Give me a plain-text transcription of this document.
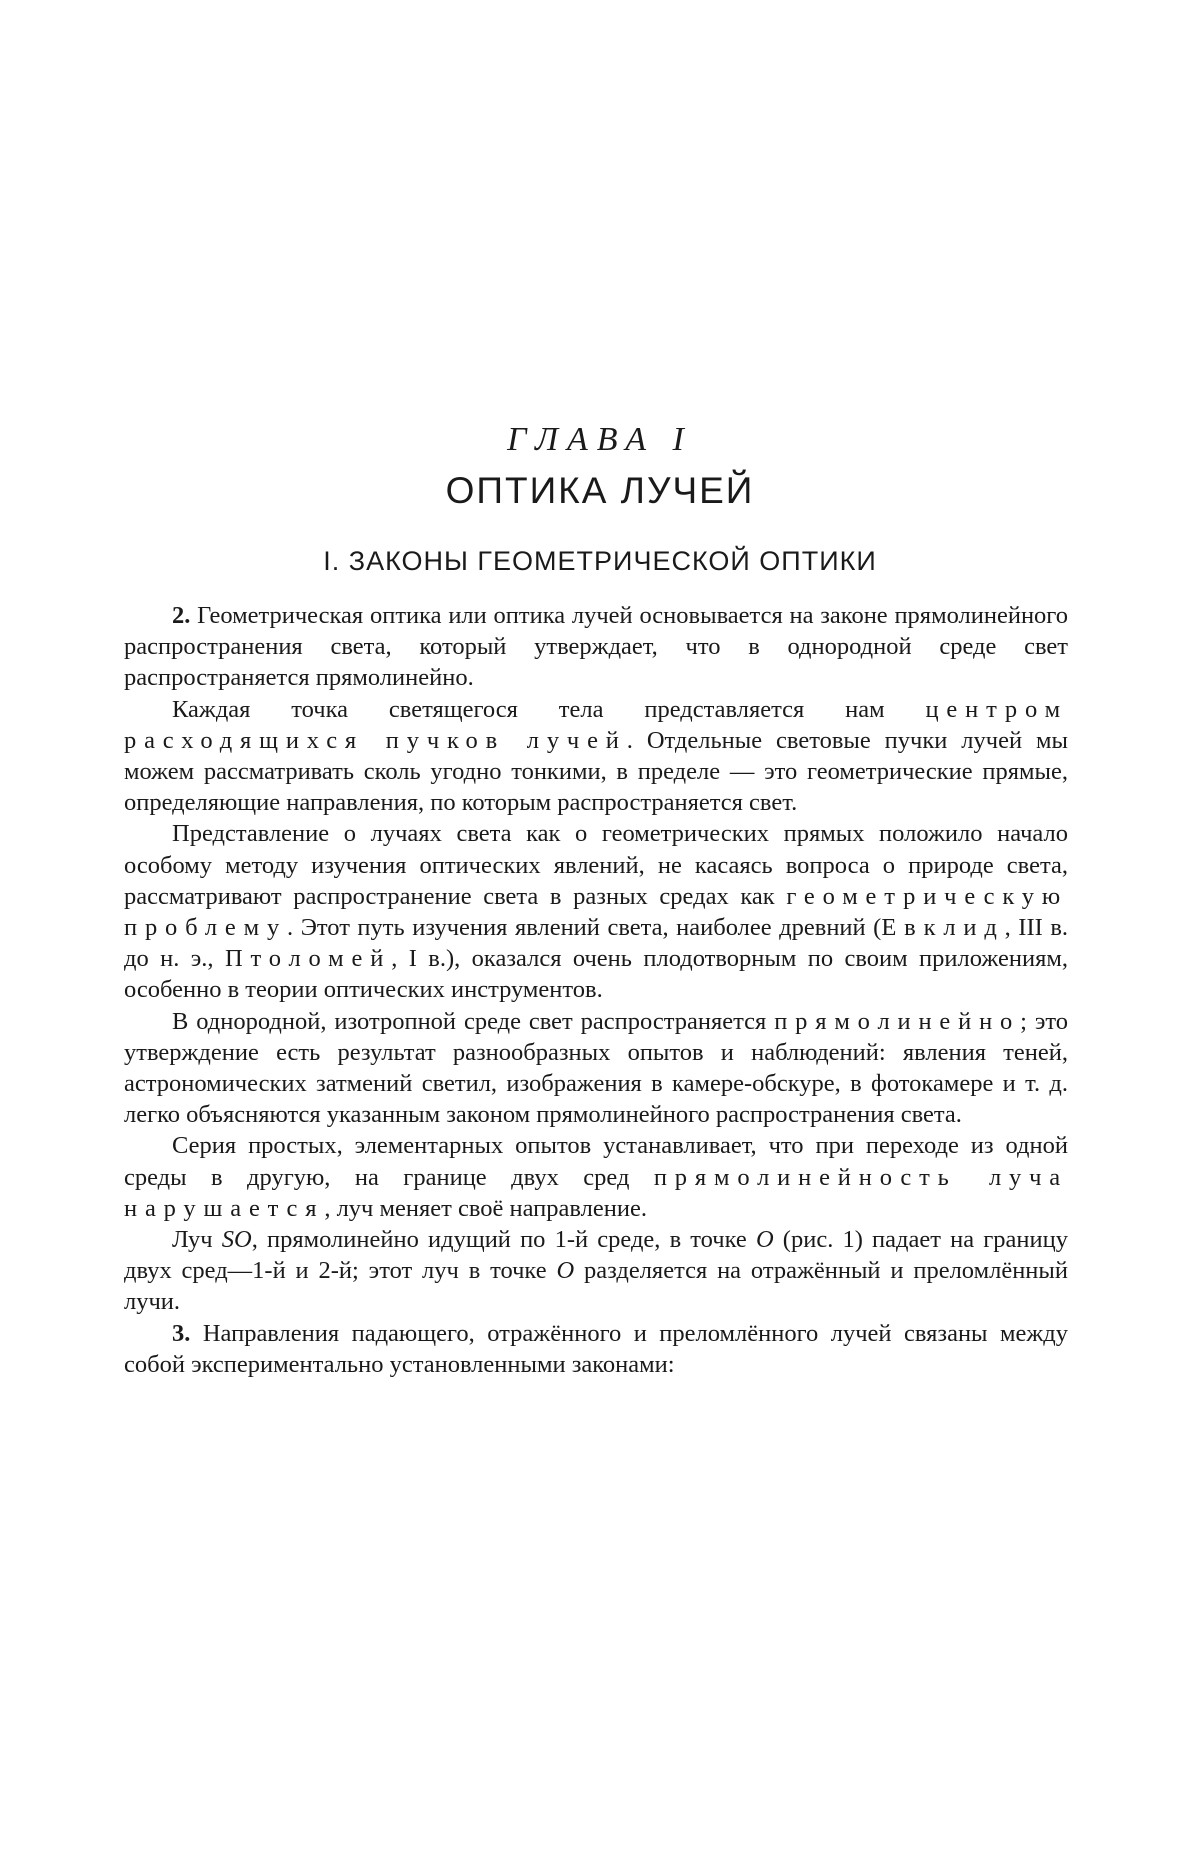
ГЛАВА I
ОПТИКА ЛУЧЕЙ
I. ЗАКОНЫ ГЕОМЕТРИЧЕСКОЙ ОПТИКИ

2. Геометрическая оптика или оптика лучей основывается на законе прямолинейного распространения света, который утверждает, что в однородной среде свет распространяется прямолинейно.

Каждая точка светящегося тела представляется нам центром расходящихся пучков лучей. Отдельные световые пучки лучей мы можем рассматривать сколь угодно тонкими, в пределе — это геометрические прямые, определяющие направления, по которым распространяется свет.

Представление о лучаях света как о геометрических прямых положило начало особому методу изучения оптических явлений, не касаясь вопроса о природе света, рассматривают распространение света в разных средах как геометрическую проблему. Этот путь изучения явлений света, наиболее древний (Евклид, III в. до н. э., Птоломей, I в.), оказался очень плодотворным по своим приложениям, особенно в теории оптических инструментов.

В однородной, изотропной среде свет распространяется прямолинейно; это утверждение есть результат разнообразных опытов и наблюдений: явления теней, астрономических затмений светил, изображения в камере-обскуре, в фотокамере и т. д. легко объясняются указанным законом прямолинейного распространения света.

Серия простых, элементарных опытов устанавливает, что при переходе из одной среды в другую, на границе двух сред прямолинейность луча нарушается, луч меняет своё направление.

Луч SO, прямолинейно идущий по 1-й среде, в точке O (рис. 1) падает на границу двух сред—1-й и 2-й; этот луч в точке O разделяется на отражённый и преломлённый лучи.

3. Направления падающего, отражённого и преломлённого лучей связаны между собой экспериментально установленными законами:
